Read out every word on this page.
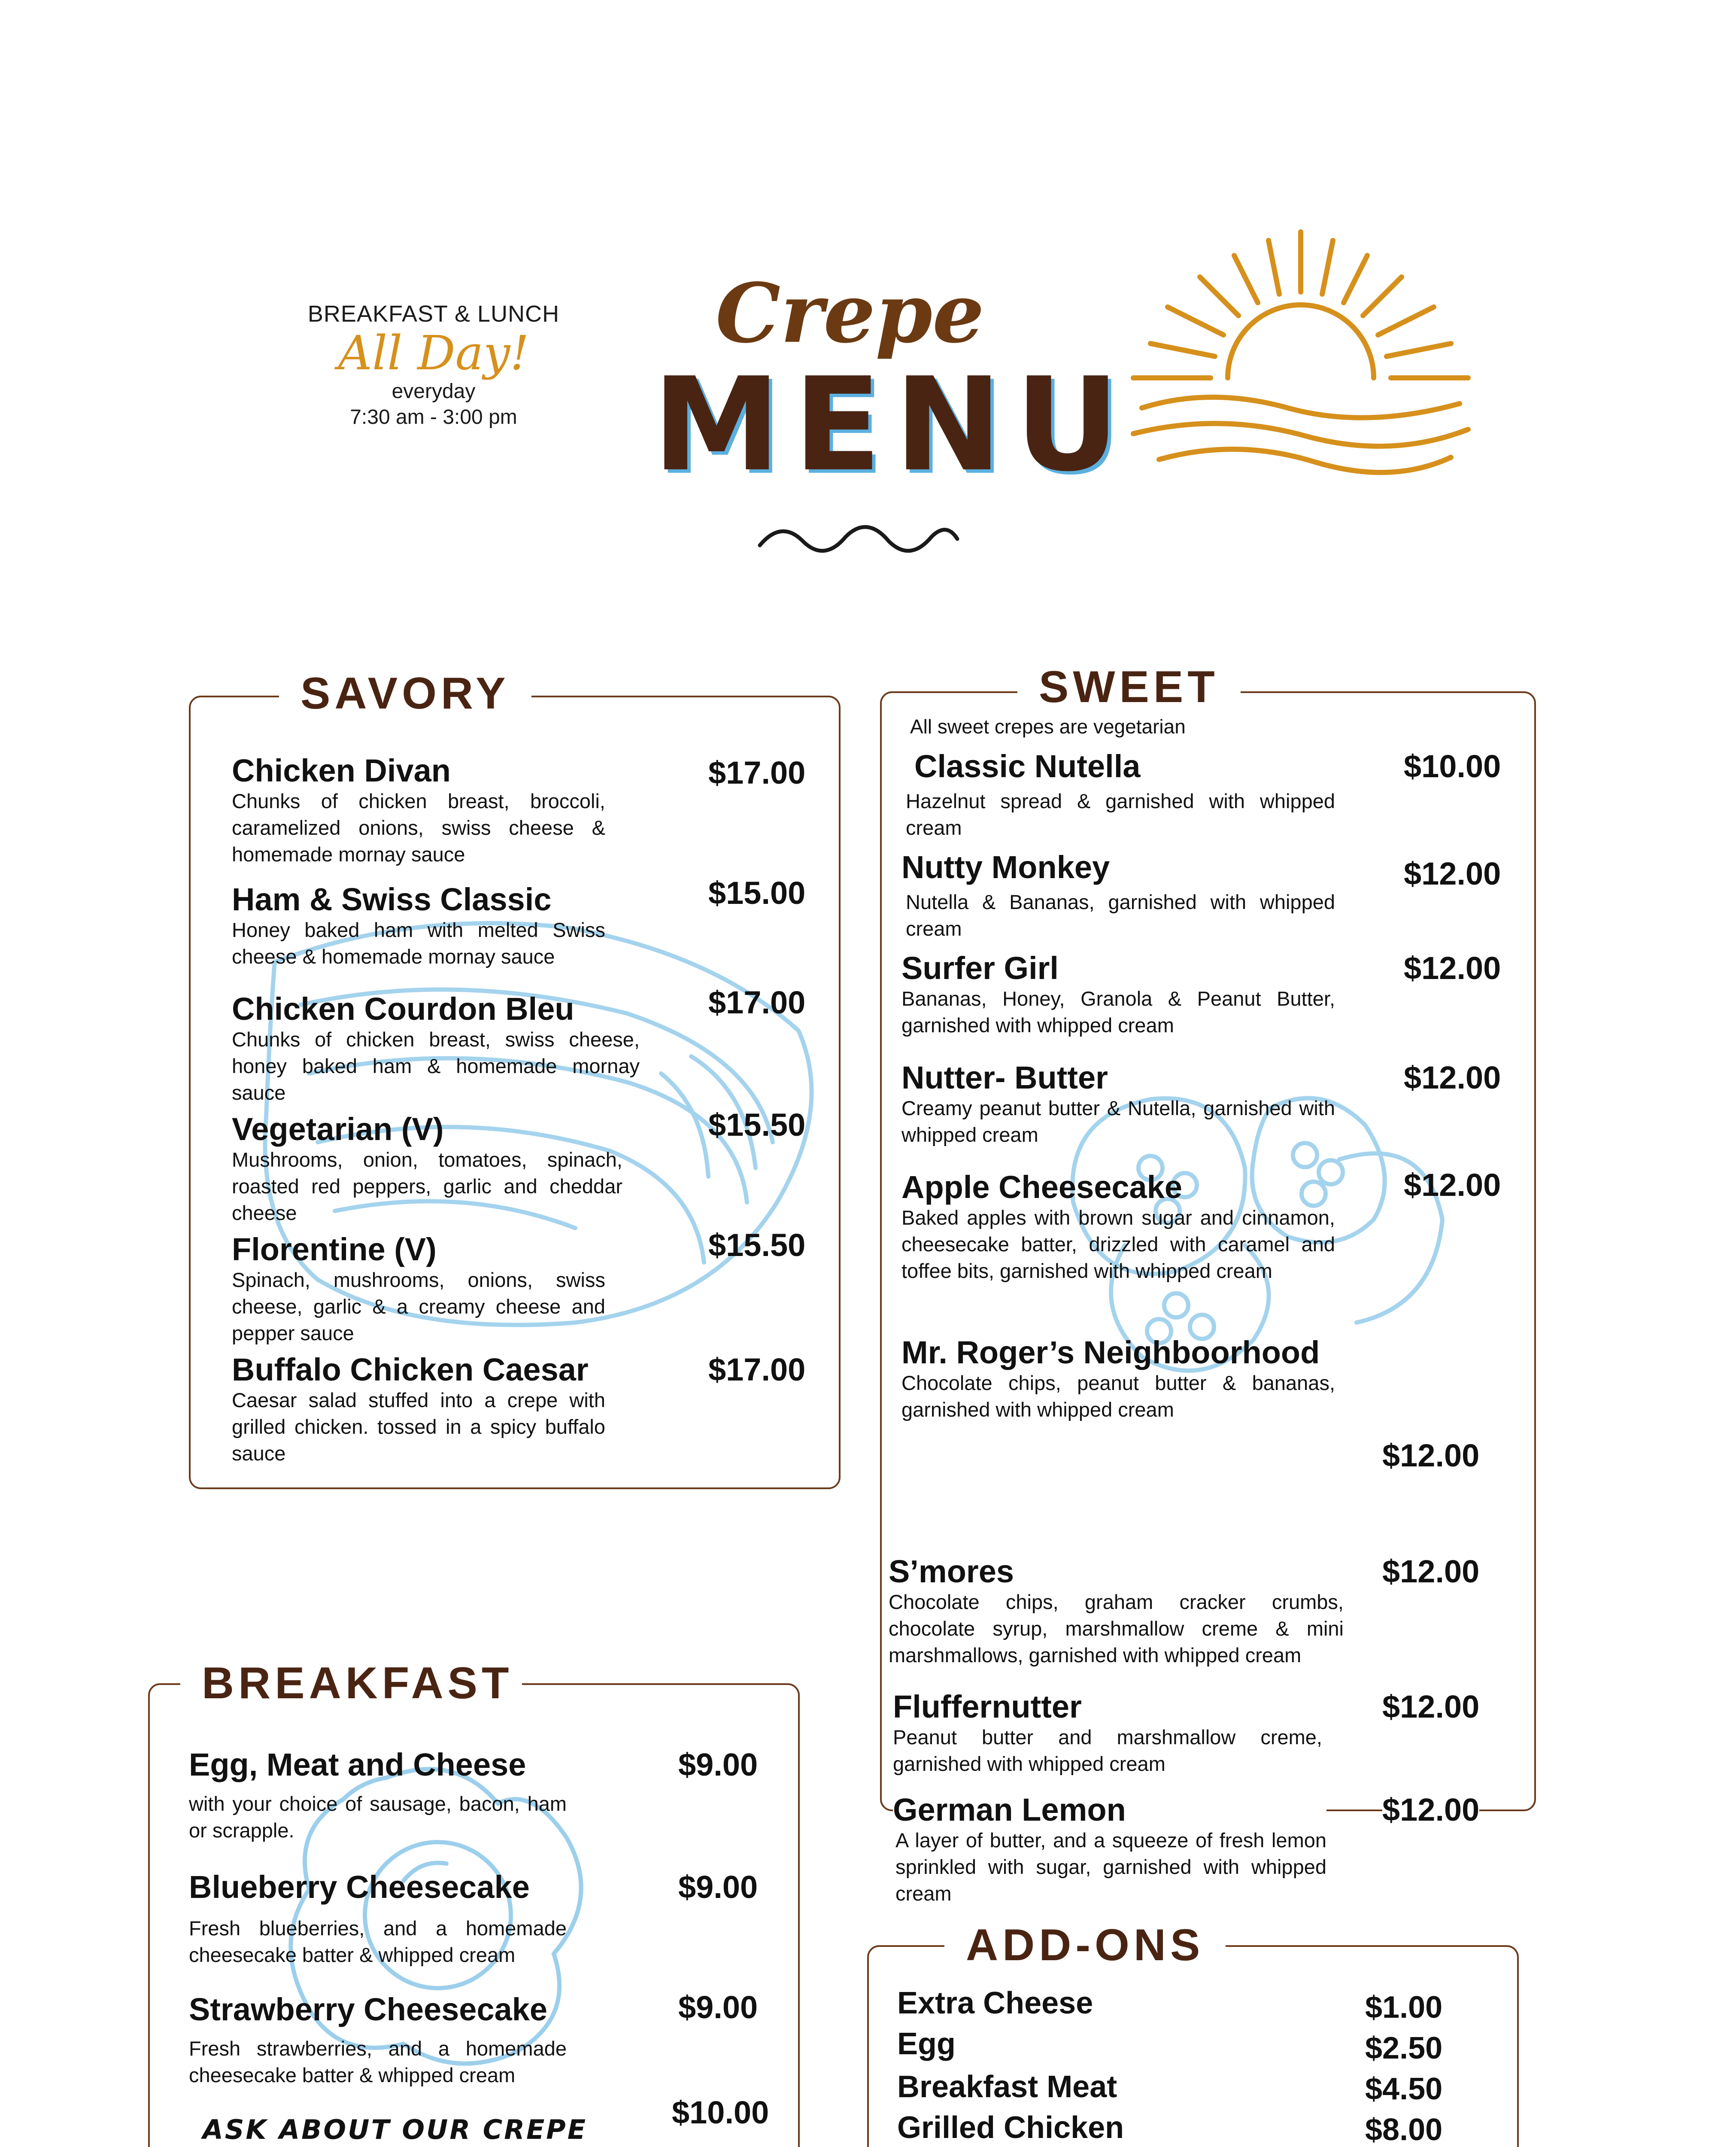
BREAKFAST & LUNCH
All Day!
everyday
7:30 am - 3:00 pm
Crepe
MENU
SAVORY
Chicken Divan
Chunks of chicken breast, broccoli, caramelized onions, swiss cheese & homemade mornay sauce
$17.00
Ham & Swiss Classic
Honey baked ham with melted Swiss cheese & homemade mornay sauce
$15.00
Chicken Courdon Bleu
Chunks of chicken breast, swiss cheese, honey baked ham & homemade mornay sauce
$17.00
Vegetarian (V)
Mushrooms, onion, tomatoes, spinach, roasted red peppers, garlic and cheddar cheese
$15.50
Florentine (V)
Spinach, mushrooms, onions, swiss cheese, garlic & a creamy cheese and pepper sauce
$15.50
Buffalo Chicken Caesar
Caesar salad stuffed into a crepe with grilled chicken. tossed in a spicy buffalo sauce
$17.00
SWEET
All sweet crepes are vegetarian
Classic Nutella
Hazelnut spread & garnished with whipped cream
$10.00
Nutty Monkey
Nutella & Bananas, garnished with whipped cream
$12.00
Surfer Girl
Bananas, Honey, Granola & Peanut Butter, garnished with whipped cream
$12.00
Nutter- Butter
Creamy peanut butter & Nutella, garnished with whipped cream
$12.00
Apple Cheesecake
Baked apples with brown sugar and cinnamon, cheesecake batter, drizzled with caramel and toffee bits, garnished with whipped cream
$12.00
Mr. Roger’s Neighboorhood
Chocolate chips, peanut butter & bananas, garnished with whipped cream
$12.00
S’mores
Chocolate chips, graham cracker crumbs, chocolate syrup, marshmallow creme & mini marshmallows, garnished with whipped cream
$12.00
Fluffernutter
Peanut butter and marshmallow creme, garnished with whipped cream
$12.00
German Lemon
A layer of butter, and a squeeze of fresh lemon sprinkled with sugar, garnished with whipped cream
$12.00
BREAKFAST
Egg, Meat and Cheese
with your choice of sausage, bacon, ham or scrapple.
$9.00
Blueberry Cheesecake
Fresh blueberries, and a homemade cheesecake batter & whipped cream
$9.00
Strawberry Cheesecake
Fresh strawberries, and a homemade cheesecake batter & whipped cream
$9.00
ASK ABOUT OUR CREPE	$10.00
ADD-ONS
Extra Cheese	$1.00
Egg	$2.50
Breakfast Meat	$4.50
Grilled Chicken	$8.00
